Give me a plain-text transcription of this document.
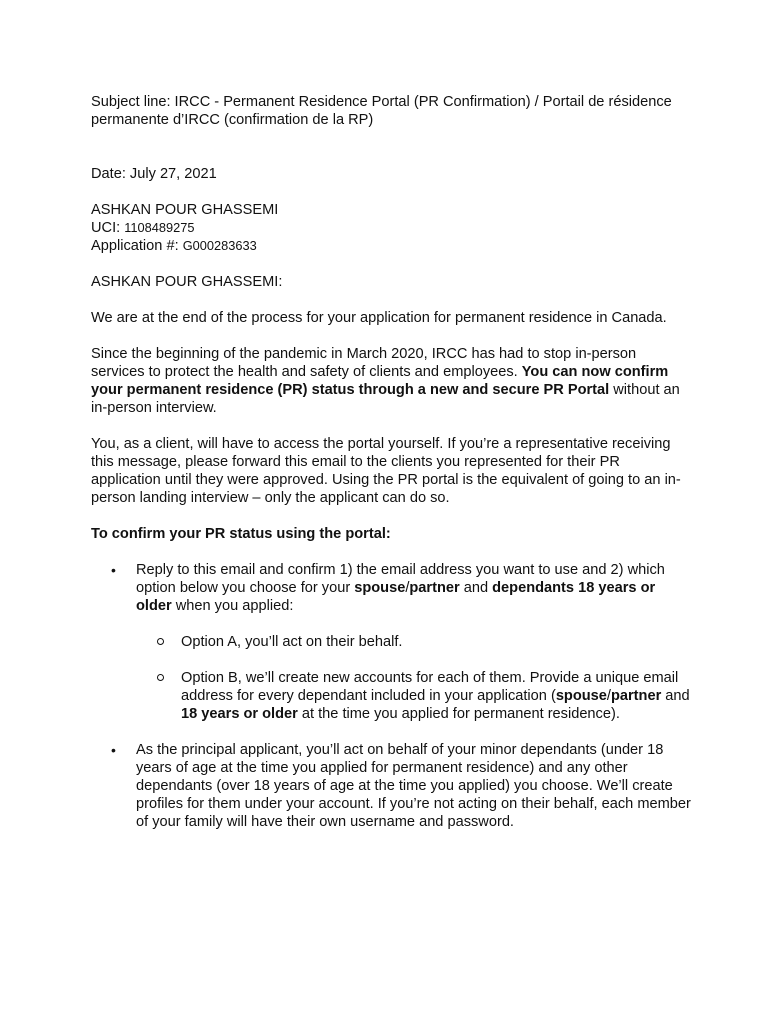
Subject line: IRCC - Permanent Residence Portal (PR Confirmation) / Portail de résidence permanente d’IRCC (confirmation de la RP)

Date: July 27, 2021

ASHKAN POUR GHASSEMI

UCI: 1108489275

Application #: G000283633

ASHKAN POUR GHASSEMI:

We are at the end of the process for your application for permanent residence in Canada.

Since the beginning of the pandemic in March 2020, IRCC has had to stop in-person services to protect the health and safety of clients and employees. You can now confirm your permanent residence (PR) status through a new and secure PR Portal without an in-person interview.

You, as a client, will have to access the portal yourself. If you’re a representative receiving this message, please forward this email to the clients you represented for their PR application until they were approved. Using the PR portal is the equivalent of going to an in-person landing interview – only the applicant can do so.

To confirm your PR status using the portal:

• Reply to this email and confirm 1) the email address you want to use and 2) which option below you choose for your spouse/partner and dependants 18 years or older when you applied:
Option A, you’ll act on their behalf.
Option B, we’ll create new accounts for each of them. Provide a unique email address for every dependant included in your application (spouse/partner and 18 years or older at the time you applied for permanent residence).
• As the principal applicant, you’ll act on behalf of your minor dependants (under 18 years of age at the time you applied for permanent residence) and any other dependants (over 18 years of age at the time you applied) you choose. We’ll create profiles for them under your account. If you’re not acting on their behalf, each member of your family will have their own username and password.
